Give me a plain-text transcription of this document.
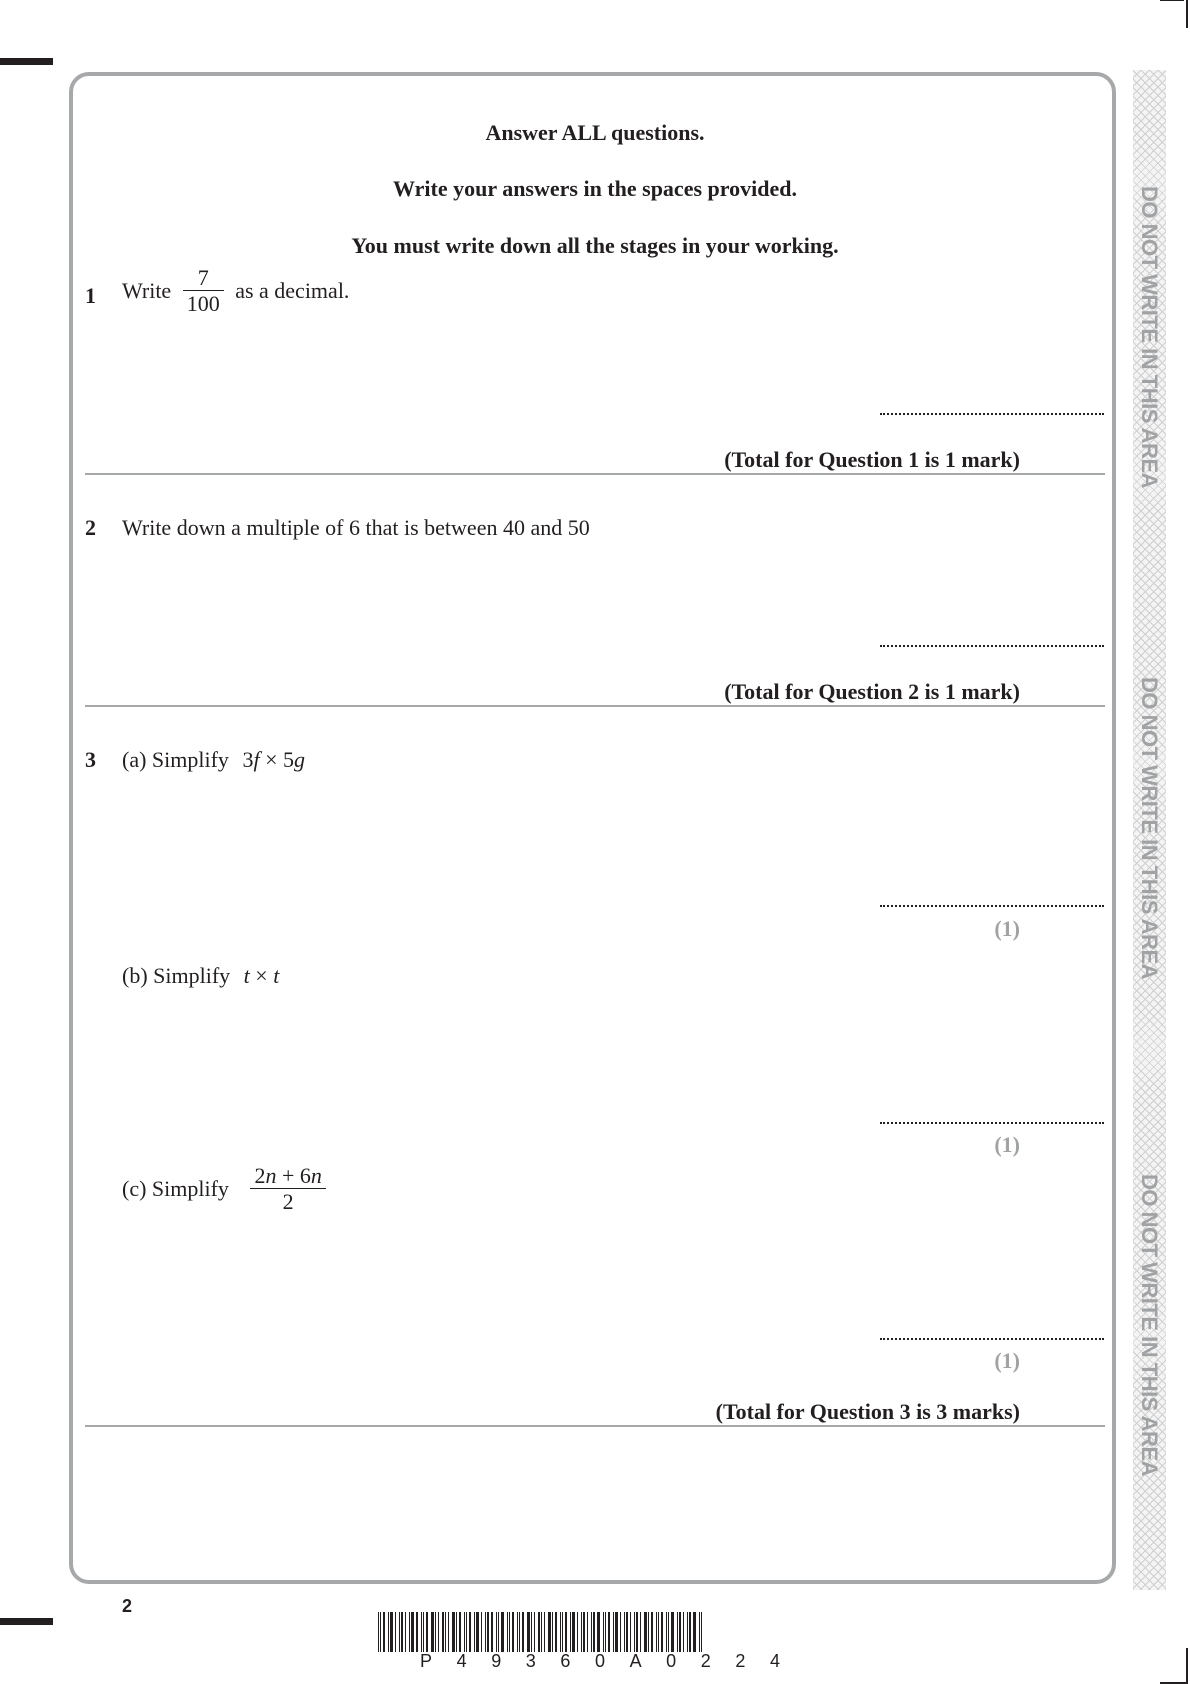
DO NOT WRITE IN THIS AREA
DO NOT WRITE IN THIS AREA
DO NOT WRITE IN THIS AREA
Answer ALL questions.
Write your answers in the spaces provided.
You must write down all the stages in your working.
1 Write $\frac{7}{100}$ as a decimal.
(Total for Question 1 is 1 mark)
2 Write down a multiple of 6 that is between 40 and 50
(Total for Question 2 is 1 mark)
3 (a) Simplify 3f × 5g
(1)
(b) Simplify t × t
(1)
(c) Simplify $\frac{2n + 6n}{2}$
(1)
(Total for Question 3 is 3 marks)
2
P 4 9 3 6 0 A 0 2 2 4
